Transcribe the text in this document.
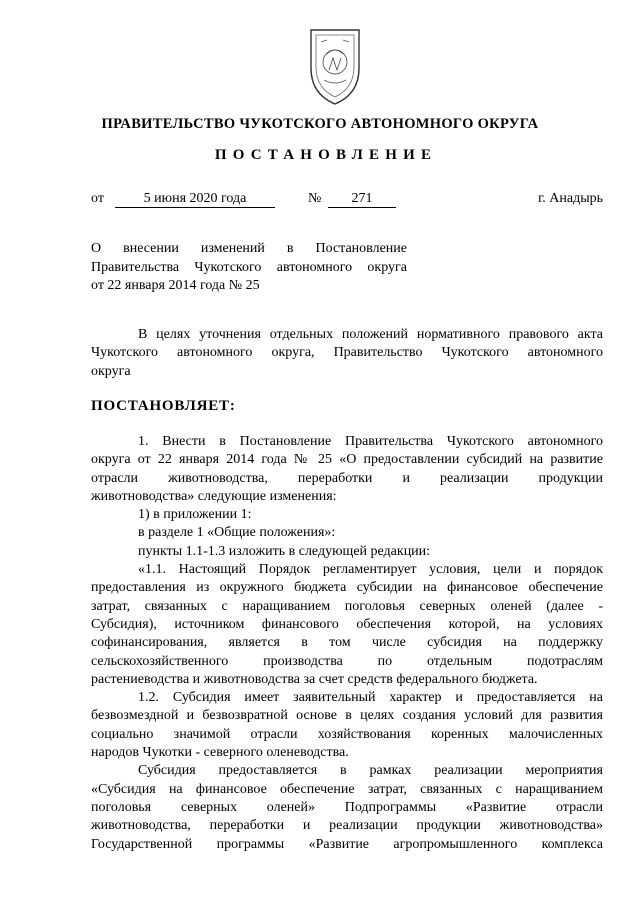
ПРАВИТЕЛЬСТВО ЧУКОТСКОГО АВТОНОМНОГО ОКРУГА
ПОСТАНОВЛЕНИЕ
от	5 июня 2020 года	№	271	г. Анадырь
О внесении изменений в Постановление
Правительства Чукотского автономного округа
от 22 января 2014 года № 25
В целях уточнения отдельных положений нормативного правового акта
Чукотского автономного округа, Правительство Чукотского автономного
округа
ПОСТАНОВЛЯЕТ:
1. Внести в Постановление Правительства Чукотского автономного
округа от 22 января 2014 года № 25 «О предоставлении субсидий на развитие
отрасли животноводства, переработки и реализации продукции
животноводства» следующие изменения:
1) в приложении 1:
в разделе 1 «Общие положения»:
пункты 1.1-1.3 изложить в следующей редакции:
«1.1. Настоящий Порядок регламентирует условия, цели и порядок
предоставления из окружного бюджета субсидии на финансовое обеспечение
затрат, связанных с наращиванием поголовья северных оленей (далее -
Субсидия), источником финансового обеспечения которой, на условиях
софинансирования, является в том числе субсидия на поддержку
сельскохозяйственного производства по отдельным подотраслям
растениеводства и животноводства за счет средств федерального бюджета.
1.2. Субсидия имеет заявительный характер и предоставляется на
безвозмездной и безвозвратной основе в целях создания условий для развития
социально значимой отрасли хозяйствования коренных малочисленных
народов Чукотки - северного оленеводства.
Субсидия предоставляется в рамках реализации мероприятия
«Субсидия на финансовое обеспечение затрат, связанных с наращиванием
поголовья северных оленей» Подпрограммы «Развитие отрасли
животноводства, переработки и реализации продукции животноводства»
Государственной программы «Развитие агропромышленного комплекса
